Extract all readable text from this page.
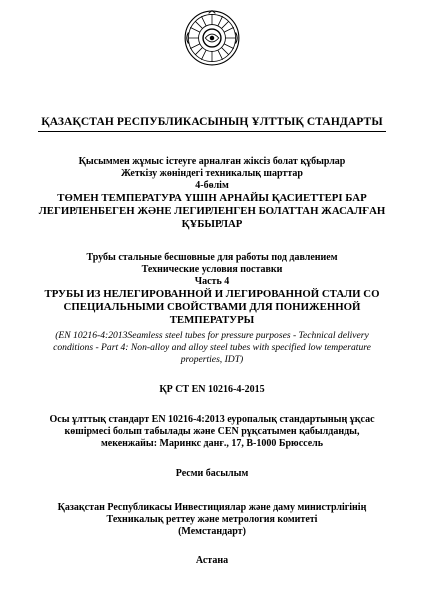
ҚАЗАҚСТАН РЕСПУБЛИКАСЫНЫҢ ҰЛТТЫҚ СТАНДАРТЫ
Қысыммен жұмыс істеуге арналған жіксіз болат құбырлар
Жеткізу жөніндегі техникалық шарттар
4-бөлім
ТӨМЕН ТЕМПЕРАТУРА ҮШІН АРНАЙЫ ҚАСИЕТТЕРІ БАР
ЛЕГИРЛЕНБЕГЕН ЖӘНЕ ЛЕГИРЛЕНГЕН БОЛАТТАН ЖАСАЛҒАН
ҚҰБЫРЛАР
Трубы стальные бесшовные для работы под давлением
Технические условия поставки
Часть 4
ТРУБЫ ИЗ НЕЛЕГИРОВАННОЙ И ЛЕГИРОВАННОЙ СТАЛИ СО
СПЕЦИАЛЬНЫМИ СВОЙСТВАМИ ДЛЯ ПОНИЖЕННОЙ
ТЕМПЕРАТУРЫ
(EN 10216-4:2013Seamless steel tubes for pressure purposes - Technical delivery
conditions - Part 4: Non-alloy and alloy steel tubes with specified low temperature
properties, IDT)
ҚР СТ EN 10216-4-2015
Осы ұлттық стандарт EN 10216-4:2013 еуропалық стандартының ұқсас
көшірмесі болып табылады және CEN рұқсатымен қабылданды,
мекенжайы: Маринкс данғ., 17, В-1000 Брюссель
Ресми басылым
Қазақстан Республикасы Инвестициялар және даму министрлігінің
Техникалық реттеу және метрология комитеті
(Мемстандарт)
Астана
